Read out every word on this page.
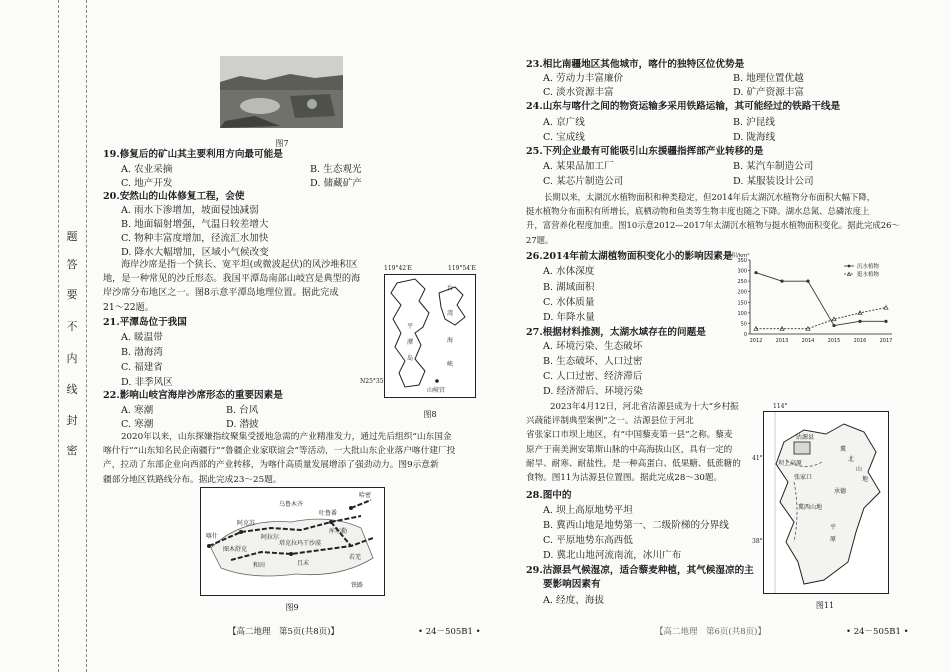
题
答
要
不
内
线
封
密
图7
19.修复后的矿山其主要利用方向最可能是
A. 农业采摘	B. 生态观光
C. 地产开发	D. 储藏矿产
20.安然山的山体修复工程，会使
A. 雨水下渗增加，坡面侵蚀减弱
B. 地面辐射增强，气温日较差增大
C. 物种丰富度增加，径流汇水加快
D. 降水大幅增加，区域小气候改变
海岸沙席是指一个狭长、宽平坦(或微波起伏)的风沙堆积区
地，是一种常见的沙丘形态。我国平潭岛南部山岐宫是典型的海
岸沙席分布地区之一。图8示意平潭岛地理位置。据此完成
21～22题。
21.平潭岛位于我国
A. 暖温带
B. 渤海湾
C. 福建省
D. 非季风区
22.影响山岐宫海岸沙席形态的重要因素是
A. 寒潮	B. 台风
C. 寒潮	D. 潜披
119°42′E	119°54′E
台
湾
平
潭
岛
海
峡
山岐宫
N25°35′
图8
2020年以来，山东探嫌指纹聚集受援地急需的产业精准发力，通过先后组织“山东国金
喀什行”“山东知名民企南疆行”“鲁疆企业家联谊会”等活动，一大批山东企业落户喀什建厂投
产，拉动了东部企业向西部的产业转移，为喀什高质量发展增添了强劲动力。图9示意新
疆部分地区铁路线分布。据此完成23～25题。
乌鲁木齐
喀什
吐鲁番
和田
库尔勒
且末
若羌
阿克苏
阿拉尔
哈密
图木舒克
塔克拉玛干沙漠
铁路
图9
【高二地理　第5页(共8页)】	• 24－505B1 •
23.相比南疆地区其他城市，喀什的独特区位优势是
A. 劳动力丰富廉价	B. 地理位置优越
C. 淡水资源丰富	D. 矿产资源丰富
24.山东与喀什之间的物资运输多采用铁路运输，其可能经过的铁路干线是
A. 京广线	B. 沪昆线
C. 宝成线	D. 陇海线
25.下列企业最有可能吸引山东援疆指挥部产业转移的是
A. 某果品加工厂	B. 某汽车制造公司
C. 某芯片制造公司	D. 某服装设计公司
长期以来，太湖沉水植物面积和种类稳定，但2014年后太湖沉水植物分布面积大幅下降，
挺水植物分布面积有所增长，底栖动物和鱼类等生物丰度也随之下降。湖水总氮、总磷浓度上
升，富营养化程度加重。图10示意2012—2017年太湖沉水植物与挺水植物面积变化。据此完成26～
27题。
26.2014年前太湖植物面积变化小的影响因素是
A. 水体深度
B. 湖域面积
C. 水体质量
D. 年降水量
面积/km²
0
50
100
150
200
250
300
350
2012	2013	2014	2015	2016	2017
沉水植物
挺水植物
27.根据材料推测，太湖水域存在的问题是
A. 环境污染、生态破坏
B. 生态破坏、人口过密
C. 人口过密、经济滞后
D. 经济滞后、环境污染
2023年4月12日，河北省沽源县成为十大“乡村振
兴蔬能评制典型案例”之一。沽源县位于河北
省张家口市坝上地区，有“中国藜麦第一县”之称。藜麦
原产于南美洲安第斯山脉的中高海拔山区，具有一定的
耐旱、耐寒、耐盐性，是一种高蛋白、低果糖、低蔗糖的
食物。图11为沽源县位置图。据此完成28～30题。
28.图中的
A. 坝上高原地势平坦
B. 冀西山地是地势第一、二级阶梯的分界线
C. 平原地势东高西低
D. 冀北山地河流南流，冰川广布
29.沽源县气候湿凉，适合藜麦种植，其气候湿凉的主
要影响因素有
A. 经度、海拔
114°
41°
38°
沽源县
冀
北
山
地
坝上高原
冀西山地
平
原
张家口
承德
图11
【高二地理　第6页(共8页)】	• 24－505B1 •
